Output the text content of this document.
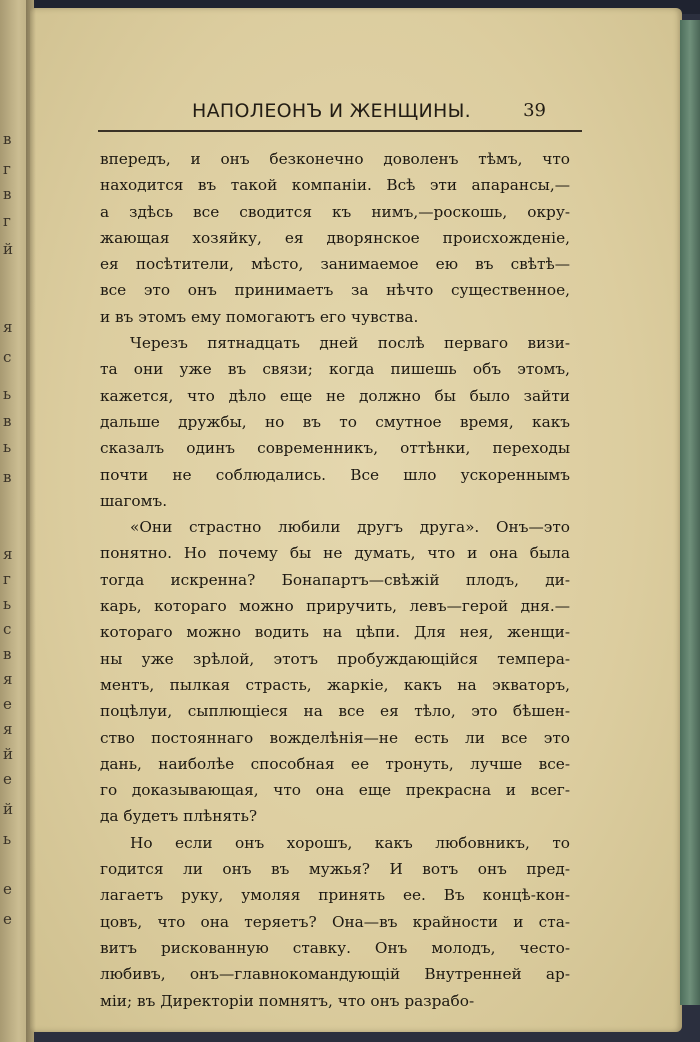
в
г
в
г
й
я
с
ь
в
ь
в
я
г
ь
с
в
я
е
я
й
е
й
ь
е
е
НАПОЛЕОНЪ И ЖЕНЩИНЫ.	39
впередъ, и онъ безконечно доволенъ тѣмъ, что
находится въ такой компаніи. Всѣ эти апарансы,—
а здѣсь все сводится къ нимъ,—роскошь, окру-
жающая хозяйку, ея дворянское происхожденіе,
ея посѣтители, мѣсто, занимаемое ею въ свѣтѣ—
все это онъ принимаетъ за нѣчто существенное,
и въ этомъ ему помогаютъ его чувства.
Черезъ пятнадцать дней послѣ перваго визи-
та они уже въ связи; когда пишешь объ этомъ,
кажется, что дѣло еще не должно бы было зайти
дальше дружбы, но въ то смутное время, какъ
сказалъ одинъ современникъ, оттѣнки, переходы
почти не соблюдались. Все шло ускореннымъ
шагомъ.
«Они страстно любили другъ друга». Онъ—это
понятно. Но почему бы не думать, что и она была
тогда искренна? Бонапартъ—свѣжій плодъ, ди-
карь, котораго можно приручить, левъ—герой дня.—
котораго можно водить на цѣпи. Для нея, женщи-
ны уже зрѣлой, этотъ пробуждающійся темпера-
ментъ, пылкая страсть, жаркіе, какъ на экваторъ,
поцѣлуи, сыплющіеся на все ея тѣло, это бѣшен-
ство постояннаго вожделѣнія—не есть ли все это
дань, наиболѣе способная ее тронуть, лучше все-
го доказывающая, что она еще прекрасна и всег-
да будетъ плѣнять?
Но если онъ хорошъ, какъ любовникъ, то
годится ли онъ въ мужья? И вотъ онъ пред-
лагаетъ руку, умоляя принять ее. Въ концѣ-кон-
цовъ, что она теряетъ? Она—въ крайности и ста-
витъ рискованную ставку. Онъ молодъ, често-
любивъ, онъ—главнокомандующій Внутренней ар-
міи; въ Директоріи помнятъ, что онъ разрабо-
